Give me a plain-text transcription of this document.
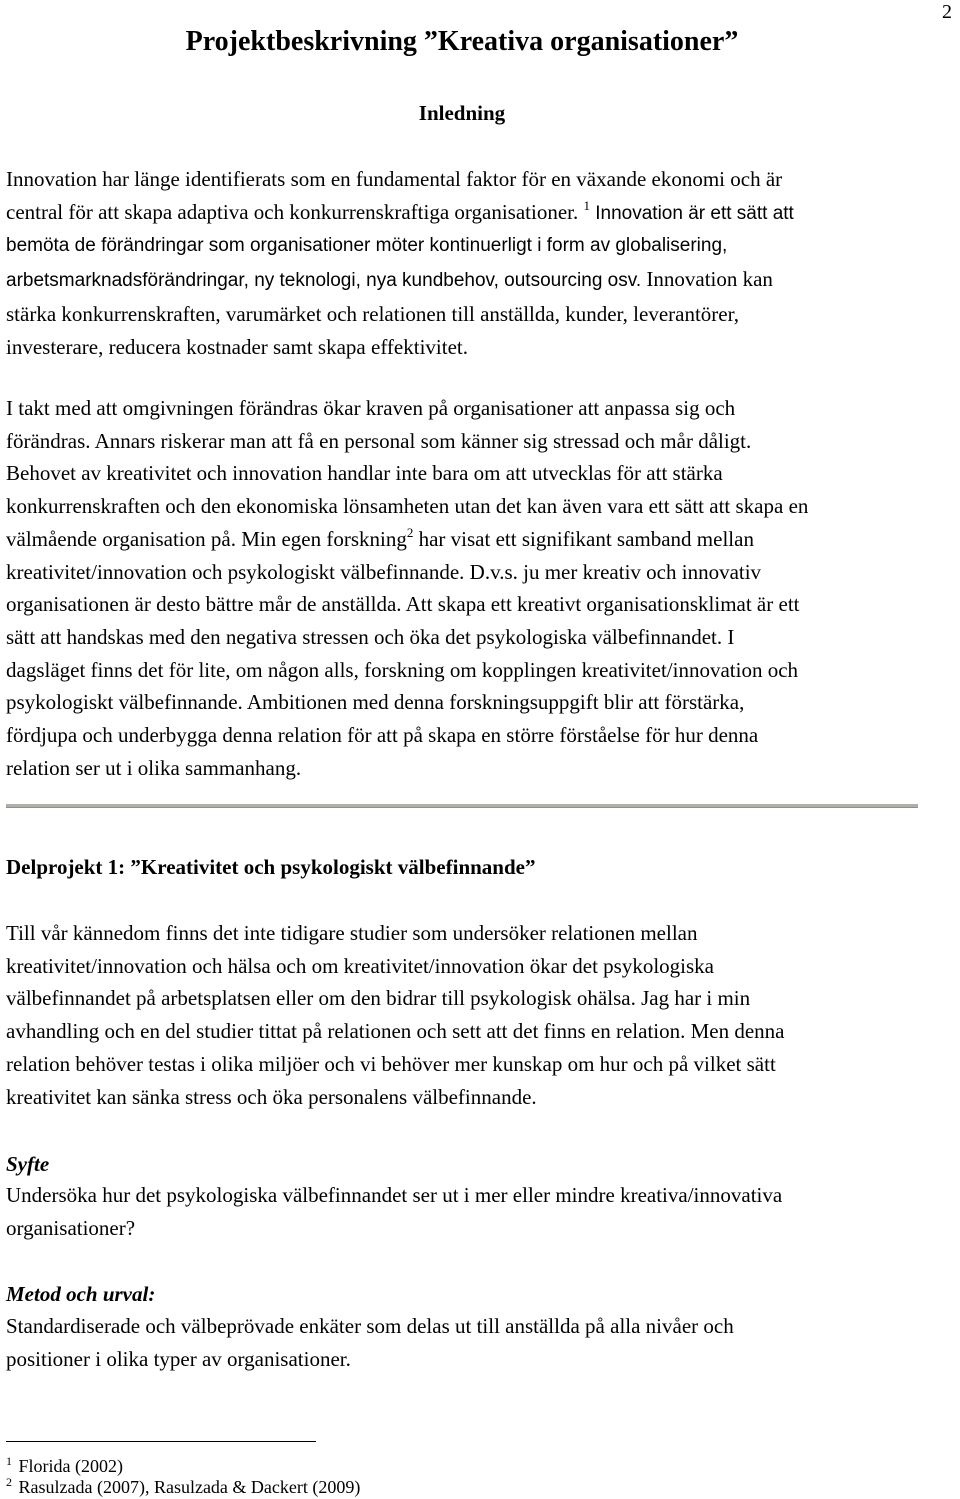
2
Projektbeskrivning ”Kreativa organisationer”
Inledning
Innovation har länge identifierats som en fundamental faktor för en växande ekonomi och är
central för att skapa adaptiva och konkurrenskraftiga organisationer. $^1$ Innovation är ett sätt att
bemöta de förändringar som organisationer möter kontinuerligt i form av globalisering,
arbetsmarknadsförändringar, ny teknologi, nya kundbehov, outsourcing osv. Innovation kan
stärka konkurrenskraften, varumärket och relationen till anställda, kunder, leverantörer,
investerare, reducera kostnader samt skapa effektivitet.
I takt med att omgivningen förändras ökar kraven på organisationer att anpassa sig och
förändras. Annars riskerar man att få en personal som känner sig stressad och mår dåligt.
Behovet av kreativitet och innovation handlar inte bara om att utvecklas för att stärka
konkurrenskraften och den ekonomiska lönsamheten utan det kan även vara ett sätt att skapa en
välmående organisation på. Min egen forskning$^2$ har visat ett signifikant samband mellan
kreativitet/innovation och psykologiskt välbefinnande. D.v.s. ju mer kreativ och innovativ
organisationen är desto bättre mår de anställda. Att skapa ett kreativt organisationsklimat är ett
sätt att handskas med den negativa stressen och öka det psykologiska välbefinnandet. I
dagsläget finns det för lite, om någon alls, forskning om kopplingen kreativitet/innovation och
psykologiskt välbefinnande. Ambitionen med denna forskningsuppgift blir att förstärka,
fördjupa och underbygga denna relation för att på skapa en större förståelse för hur denna
relation ser ut i olika sammanhang.
Delprojekt 1: ”Kreativitet och psykologiskt välbefinnande”
Till vår kännedom finns det inte tidigare studier som undersöker relationen mellan
kreativitet/innovation och hälsa och om kreativitet/innovation ökar det psykologiska
välbefinnandet på arbetsplatsen eller om den bidrar till psykologisk ohälsa. Jag har i min
avhandling och en del studier tittat på relationen och sett att det finns en relation. Men denna
relation behöver testas i olika miljöer och vi behöver mer kunskap om hur och på vilket sätt
kreativitet kan sänka stress och öka personalens välbefinnande.
Syfte
Undersöka hur det psykologiska välbefinnandet ser ut i mer eller mindre kreativa/innovativa
organisationer?
Metod och urval:
Standardiserade och välbeprövade enkäter som delas ut till anställda på alla nivåer och
positioner i olika typer av organisationer.

$^1$ Florida (2002)

$^2$ Rasulzada (2007), Rasulzada & Dackert (2009)
